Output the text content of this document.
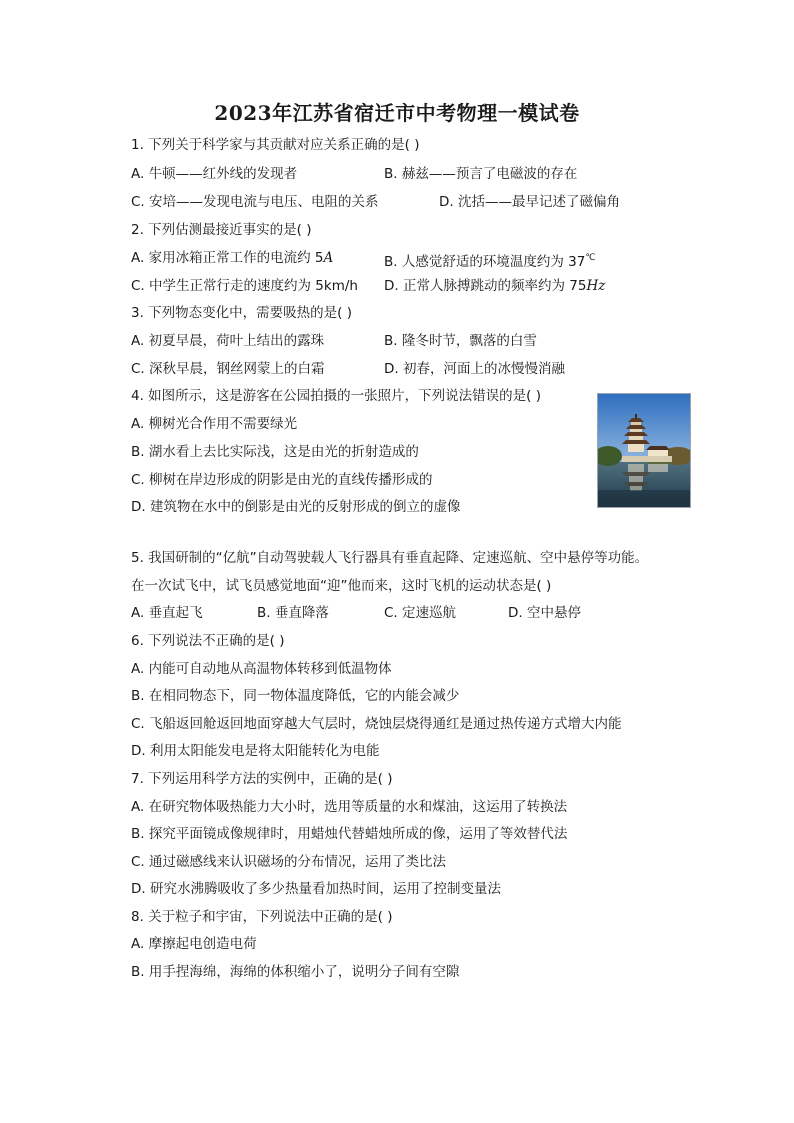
2023年江苏省宿迁市中考物理一模试卷
1. 下列关于科学家与其贡献对应关系正确的是( )
A. 牛顿——红外线的发现者	B. 赫兹——预言了电磁波的存在
C. 安培——发现电流与电压、电阻的关系	D. 沈括——最早记述了磁偏角
2. 下列估测最接近事实的是( )
A. 家用冰箱正常工作的电流约 5A	B. 人感觉舒适的环境温度约为 37℃
C. 中学生正常行走的速度约为 5km/h D. 正常人脉搏跳动的频率约为 75Hz
3. 下列物态变化中，需要吸热的是( )
A. 初夏早晨，荷叶上结出的露珠	B. 隆冬时节，飘落的白雪
C. 深秋早晨，钢丝网蒙上的白霜	D. 初春，河面上的冰慢慢消融
4. 如图所示，这是游客在公园拍摄的一张照片，下列说法错误的是( )
A. 柳树光合作用不需要绿光
B. 湖水看上去比实际浅，这是由光的折射造成的
C. 柳树在岸边形成的阴影是由光的直线传播形成的
D. 建筑物在水中的倒影是由光的反射形成的倒立的虚像
5. 我国研制的“亿航”自动驾驶载人飞行器具有垂直起降、定速巡航、空中悬停等功能。
在一次试飞中，试飞员感觉地面“迎”他而来，这时飞机的运动状态是( )
A. 垂直起飞	B. 垂直降落	C. 定速巡航	D. 空中悬停
6. 下列说法不正确的是( )
A. 内能可自动地从高温物体转移到低温物体
B. 在相同物态下，同一物体温度降低，它的内能会减少
C. 飞船返回舱返回地面穿越大气层时，烧蚀层烧得通红是通过热传递方式增大内能
D. 利用太阳能发电是将太阳能转化为电能
7. 下列运用科学方法的实例中，正确的是( )
A. 在研究物体吸热能力大小时，选用等质量的水和煤油，这运用了转换法
B. 探究平面镜成像规律时，用蜡烛代替蜡烛所成的像，运用了等效替代法
C. 通过磁感线来认识磁场的分布情况，运用了类比法
D. 研究水沸腾吸收了多少热量看加热时间，运用了控制变量法
8. 关于粒子和宇宙，下列说法中正确的是( )
A. 摩擦起电创造电荷
B. 用手捏海绵，海绵的体积缩小了，说明分子间有空隙
